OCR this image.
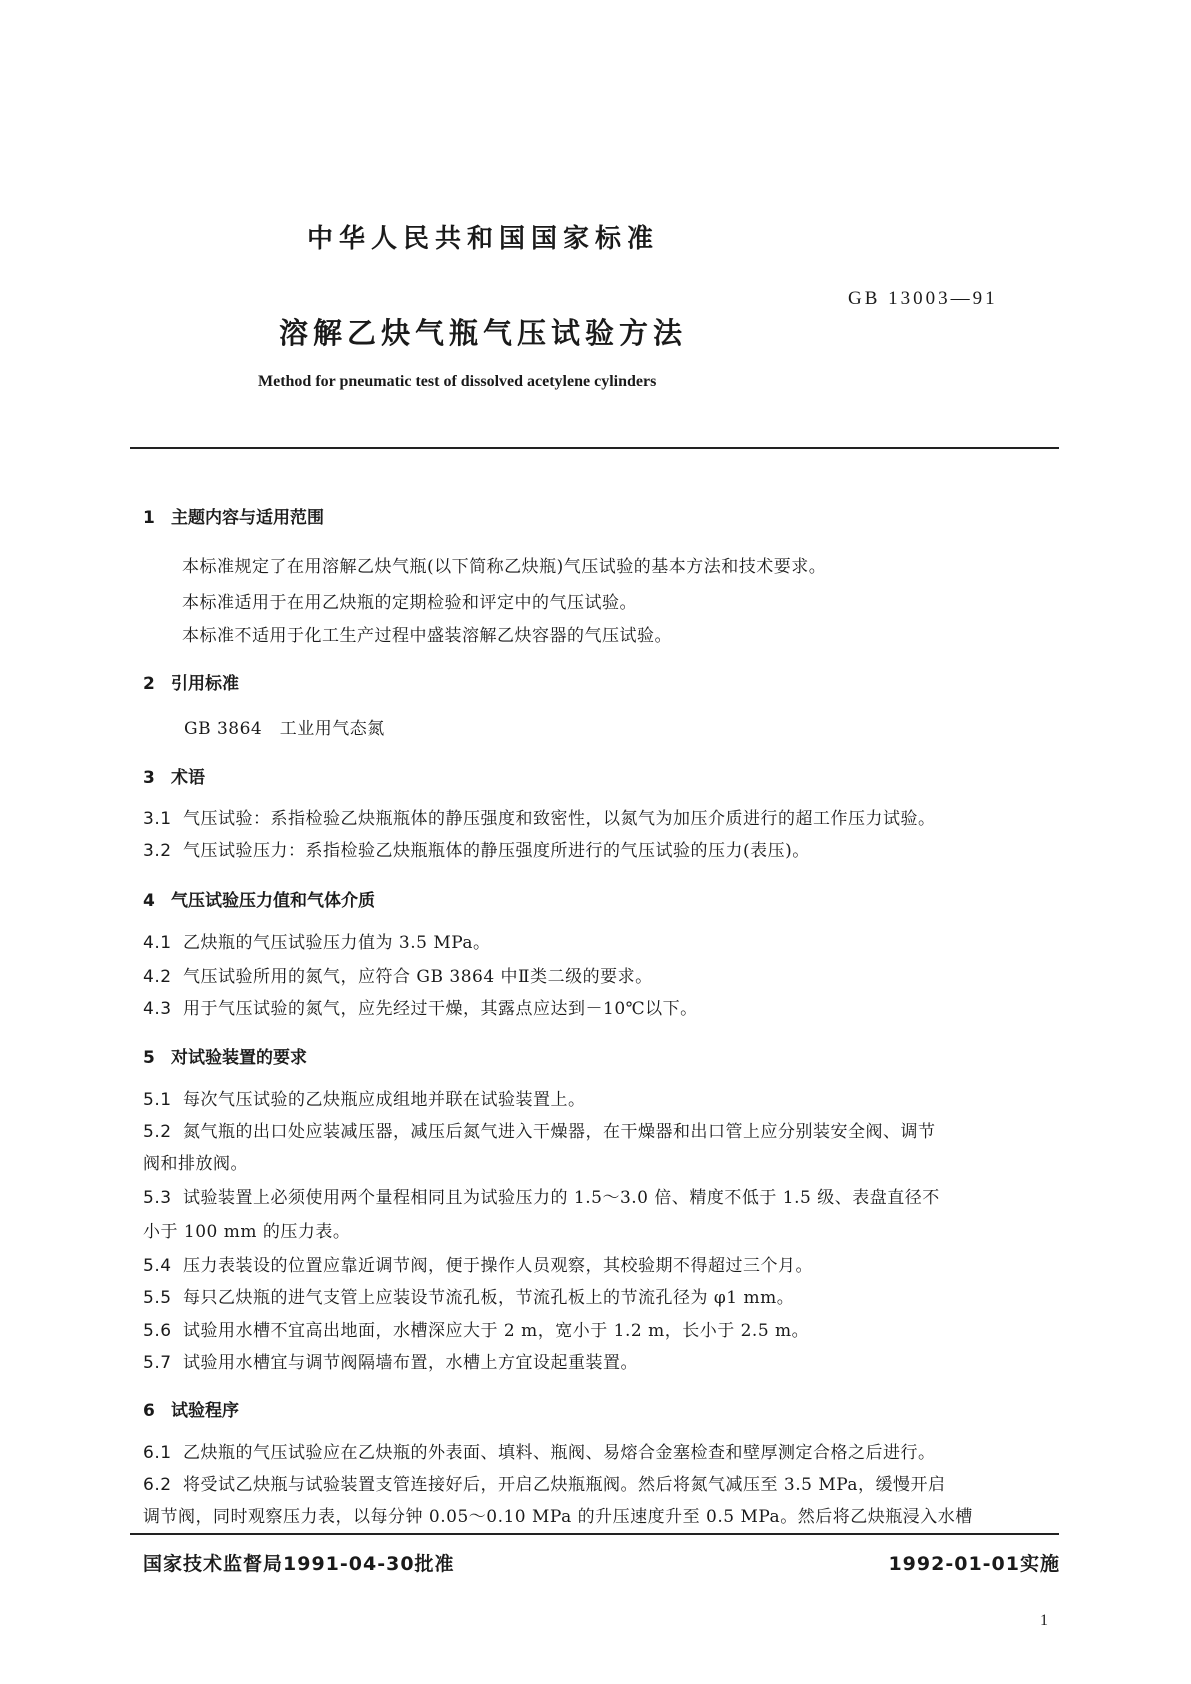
中华人民共和国国家标准
GB 13003—91
溶解乙炔气瓶气压试验方法
Method for pneumatic test of dissolved acetylene cylinders
1 主题内容与适用范围
本标准规定了在用溶解乙炔气瓶(以下简称乙炔瓶)气压试验的基本方法和技术要求。
本标准适用于在用乙炔瓶的定期检验和评定中的气压试验。
本标准不适用于化工生产过程中盛装溶解乙炔容器的气压试验。
2 引用标准
GB 3864　工业用气态氮
3 术语
3.1 气压试验：系指检验乙炔瓶瓶体的静压强度和致密性，以氮气为加压介质进行的超工作压力试验。
3.2 气压试验压力：系指检验乙炔瓶瓶体的静压强度所进行的气压试验的压力(表压)。
4 气压试验压力值和气体介质
4.1 乙炔瓶的气压试验压力值为 3.5 MPa。
4.2 气压试验所用的氮气，应符合 GB 3864 中Ⅱ类二级的要求。
4.3 用于气压试验的氮气，应先经过干燥，其露点应达到－10℃以下。
5 对试验装置的要求
5.1 每次气压试验的乙炔瓶应成组地并联在试验装置上。
5.2 氮气瓶的出口处应装减压器，减压后氮气进入干燥器，在干燥器和出口管上应分别装安全阀、调节
阀和排放阀。
5.3 试验装置上必须使用两个量程相同且为试验压力的 1.5～3.0 倍、精度不低于 1.5 级、表盘直径不
小于 100 mm 的压力表。
5.4 压力表装设的位置应靠近调节阀，便于操作人员观察，其校验期不得超过三个月。
5.5 每只乙炔瓶的进气支管上应装设节流孔板，节流孔板上的节流孔径为 φ1 mm。
5.6 试验用水槽不宜高出地面，水槽深应大于 2 m，宽小于 1.2 m，长小于 2.5 m。
5.7 试验用水槽宜与调节阀隔墙布置，水槽上方宜设起重装置。
6 试验程序
6.1 乙炔瓶的气压试验应在乙炔瓶的外表面、填料、瓶阀、易熔合金塞检查和壁厚测定合格之后进行。
6.2 将受试乙炔瓶与试验装置支管连接好后，开启乙炔瓶瓶阀。然后将氮气减压至 3.5 MPa，缓慢开启
调节阀，同时观察压力表，以每分钟 0.05～0.10 MPa 的升压速度升至 0.5 MPa。然后将乙炔瓶浸入水槽
国家技术监督局1991-04-30批准	1992-01-01实施
1
